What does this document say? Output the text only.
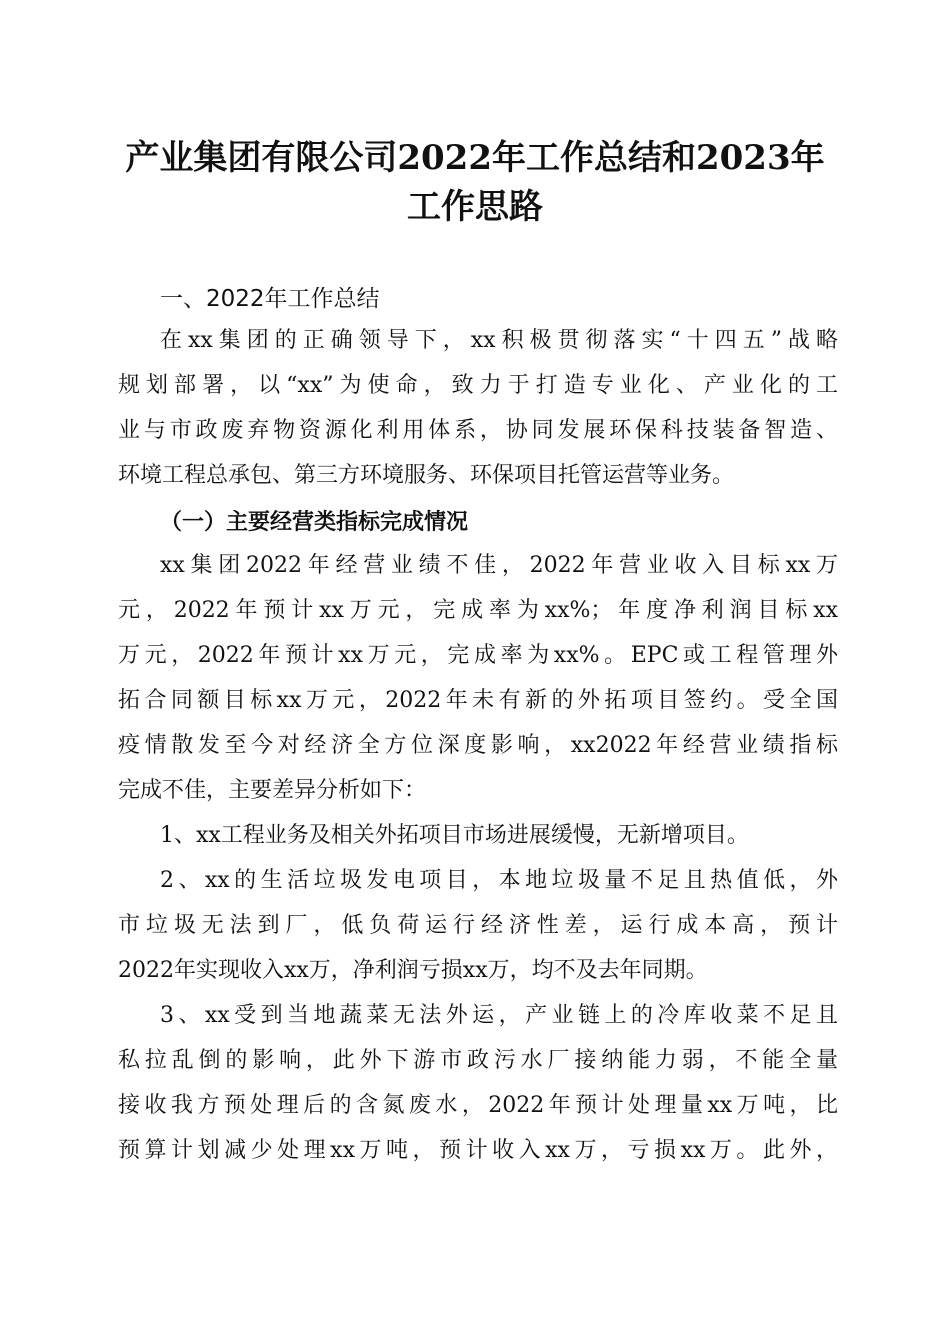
产业集团有限公司2022年工作总结和2023年
工作思路
一、2022年工作总结
在xx集团的正确领导下，xx积极贯彻落实“十四五”战略
规划部署，以“xx”为使命，致力于打造专业化、产业化的工
业与市政废弃物资源化利用体系，协同发展环保科技装备智造、
环境工程总承包、第三方环境服务、环保项目托管运营等业务。
（一）主要经营类指标完成情况
xx集团2022年经营业绩不佳，2022年营业收入目标xx万
元，2022年预计xx万元，完成率为xx%；年度净利润目标xx
万元，2022年预计xx万元，完成率为xx%。EPC或工程管理外
拓合同额目标xx万元，2022年未有新的外拓项目签约。受全国
疫情散发至今对经济全方位深度影响，xx2022年经营业绩指标
完成不佳，主要差异分析如下：
1、xx工程业务及相关外拓项目市场进展缓慢，无新增项目。
2、xx的生活垃圾发电项目，本地垃圾量不足且热值低，外
市垃圾无法到厂，低负荷运行经济性差，运行成本高，预计
2022年实现收入xx万，净利润亏损xx万，均不及去年同期。
3、xx受到当地蔬菜无法外运，产业链上的冷库收菜不足且
私拉乱倒的影响，此外下游市政污水厂接纳能力弱，不能全量
接收我方预处理后的含氮废水，2022年预计处理量xx万吨，比
预算计划减少处理xx万吨，预计收入xx万，亏损xx万。此外，
